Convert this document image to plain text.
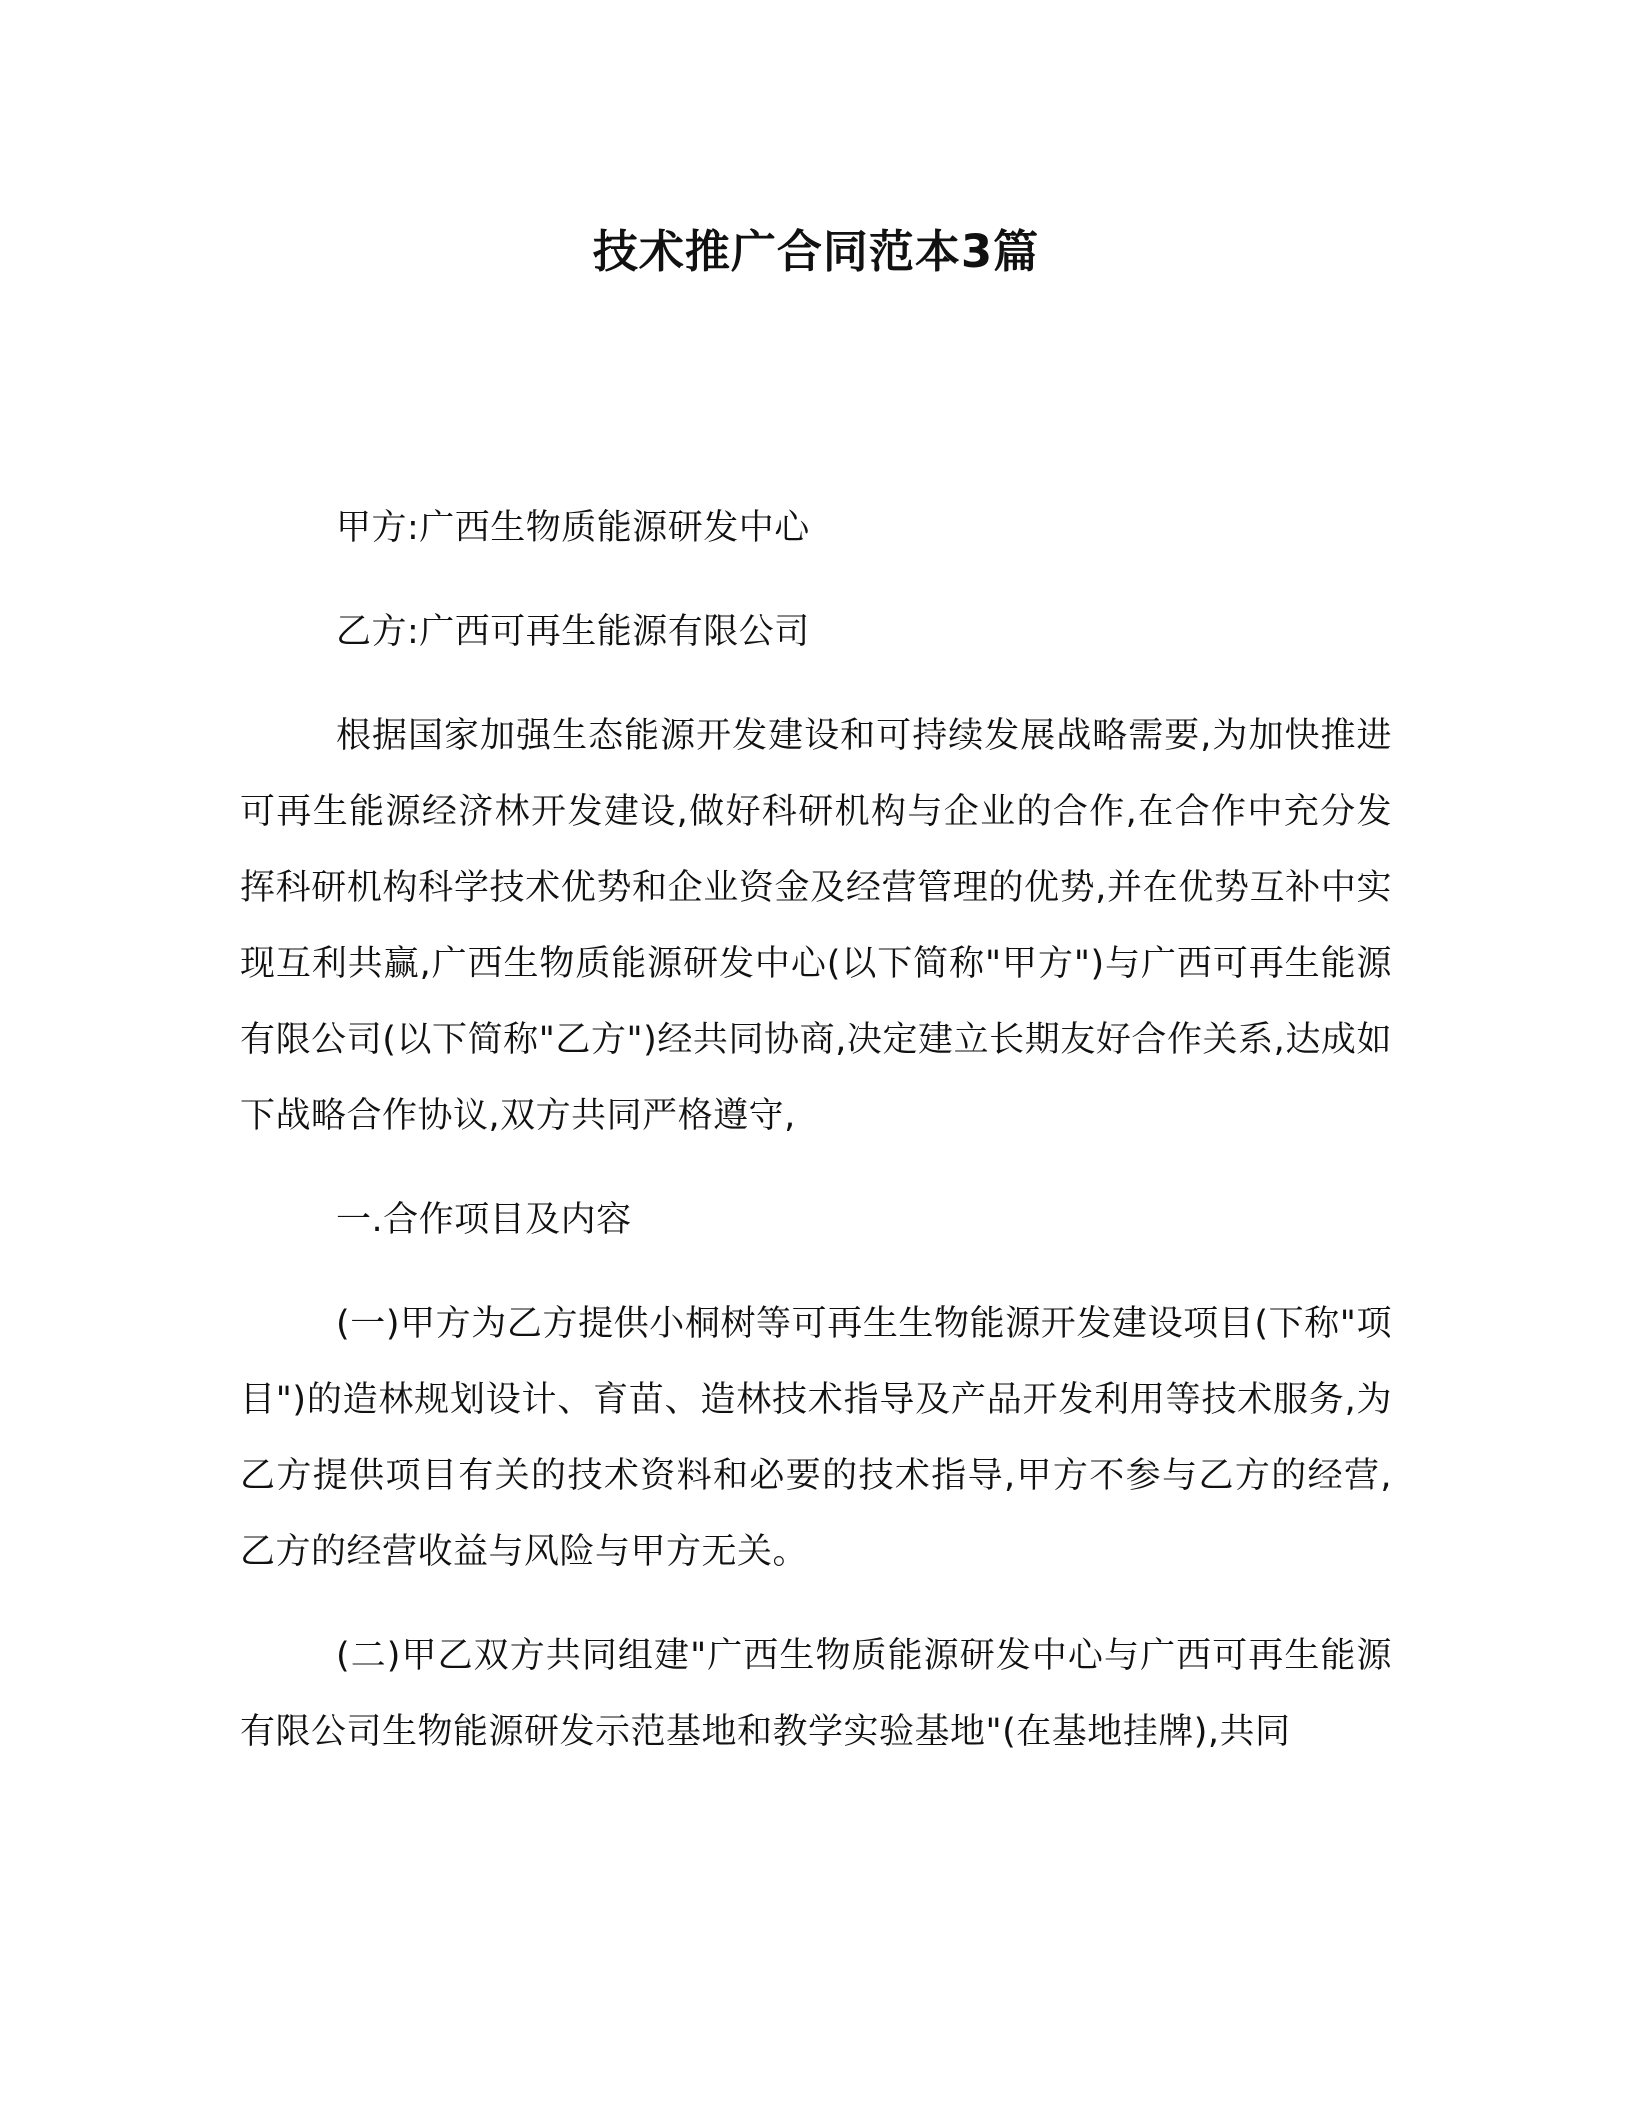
技术推广合同范本3篇

甲方:广西生物质能源研发中心

乙方:广西可再生能源有限公司

根据国家加强生态能源开发建设和可持续发展战略需要,为加快推进可再生能源经济林开发建设,做好科研机构与企业的合作,在合作中充分发挥科研机构科学技术优势和企业资金及经营管理的优势,并在优势互补中实现互利共赢,广西生物质能源研发中心(以下简称"甲方")与广西可再生能源有限公司(以下简称"乙方")经共同协商,决定建立长期友好合作关系,达成如下战略合作协议,双方共同严格遵守,

一.合作项目及内容

(一)甲方为乙方提供小桐树等可再生生物能源开发建设项目(下称"项目")的造林规划设计、育苗、造林技术指导及产品开发利用等技术服务,为乙方提供项目有关的技术资料和必要的技术指导,甲方不参与乙方的经营,乙方的经营收益与风险与甲方无关。

(二)甲乙双方共同组建"广西生物质能源研发中心与广西可再生能源有限公司生物能源研发示范基地和教学实验基地"(在基地挂牌),共同
